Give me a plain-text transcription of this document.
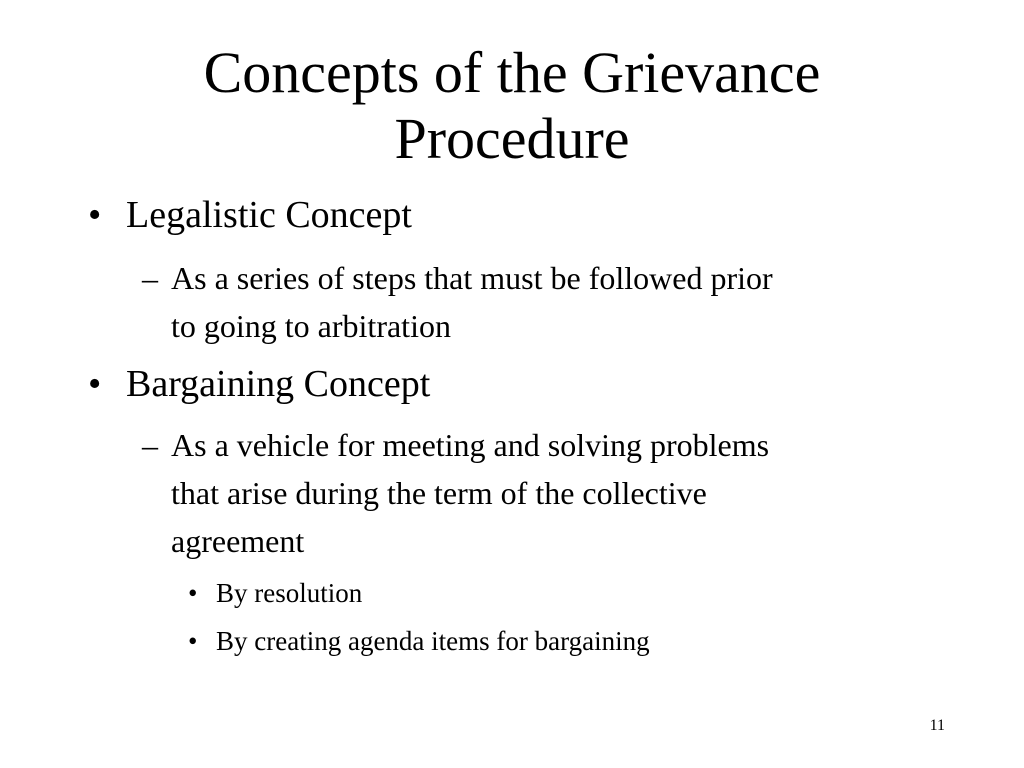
Concepts of the Grievance
Procedure
• Legalistic Concept
– As a series of steps that must be followed prior
to going to arbitration
• Bargaining Concept
– As a vehicle for meeting and solving problems
that arise during the term of the collective
agreement
• By resolution
• By creating agenda items for bargaining
11
